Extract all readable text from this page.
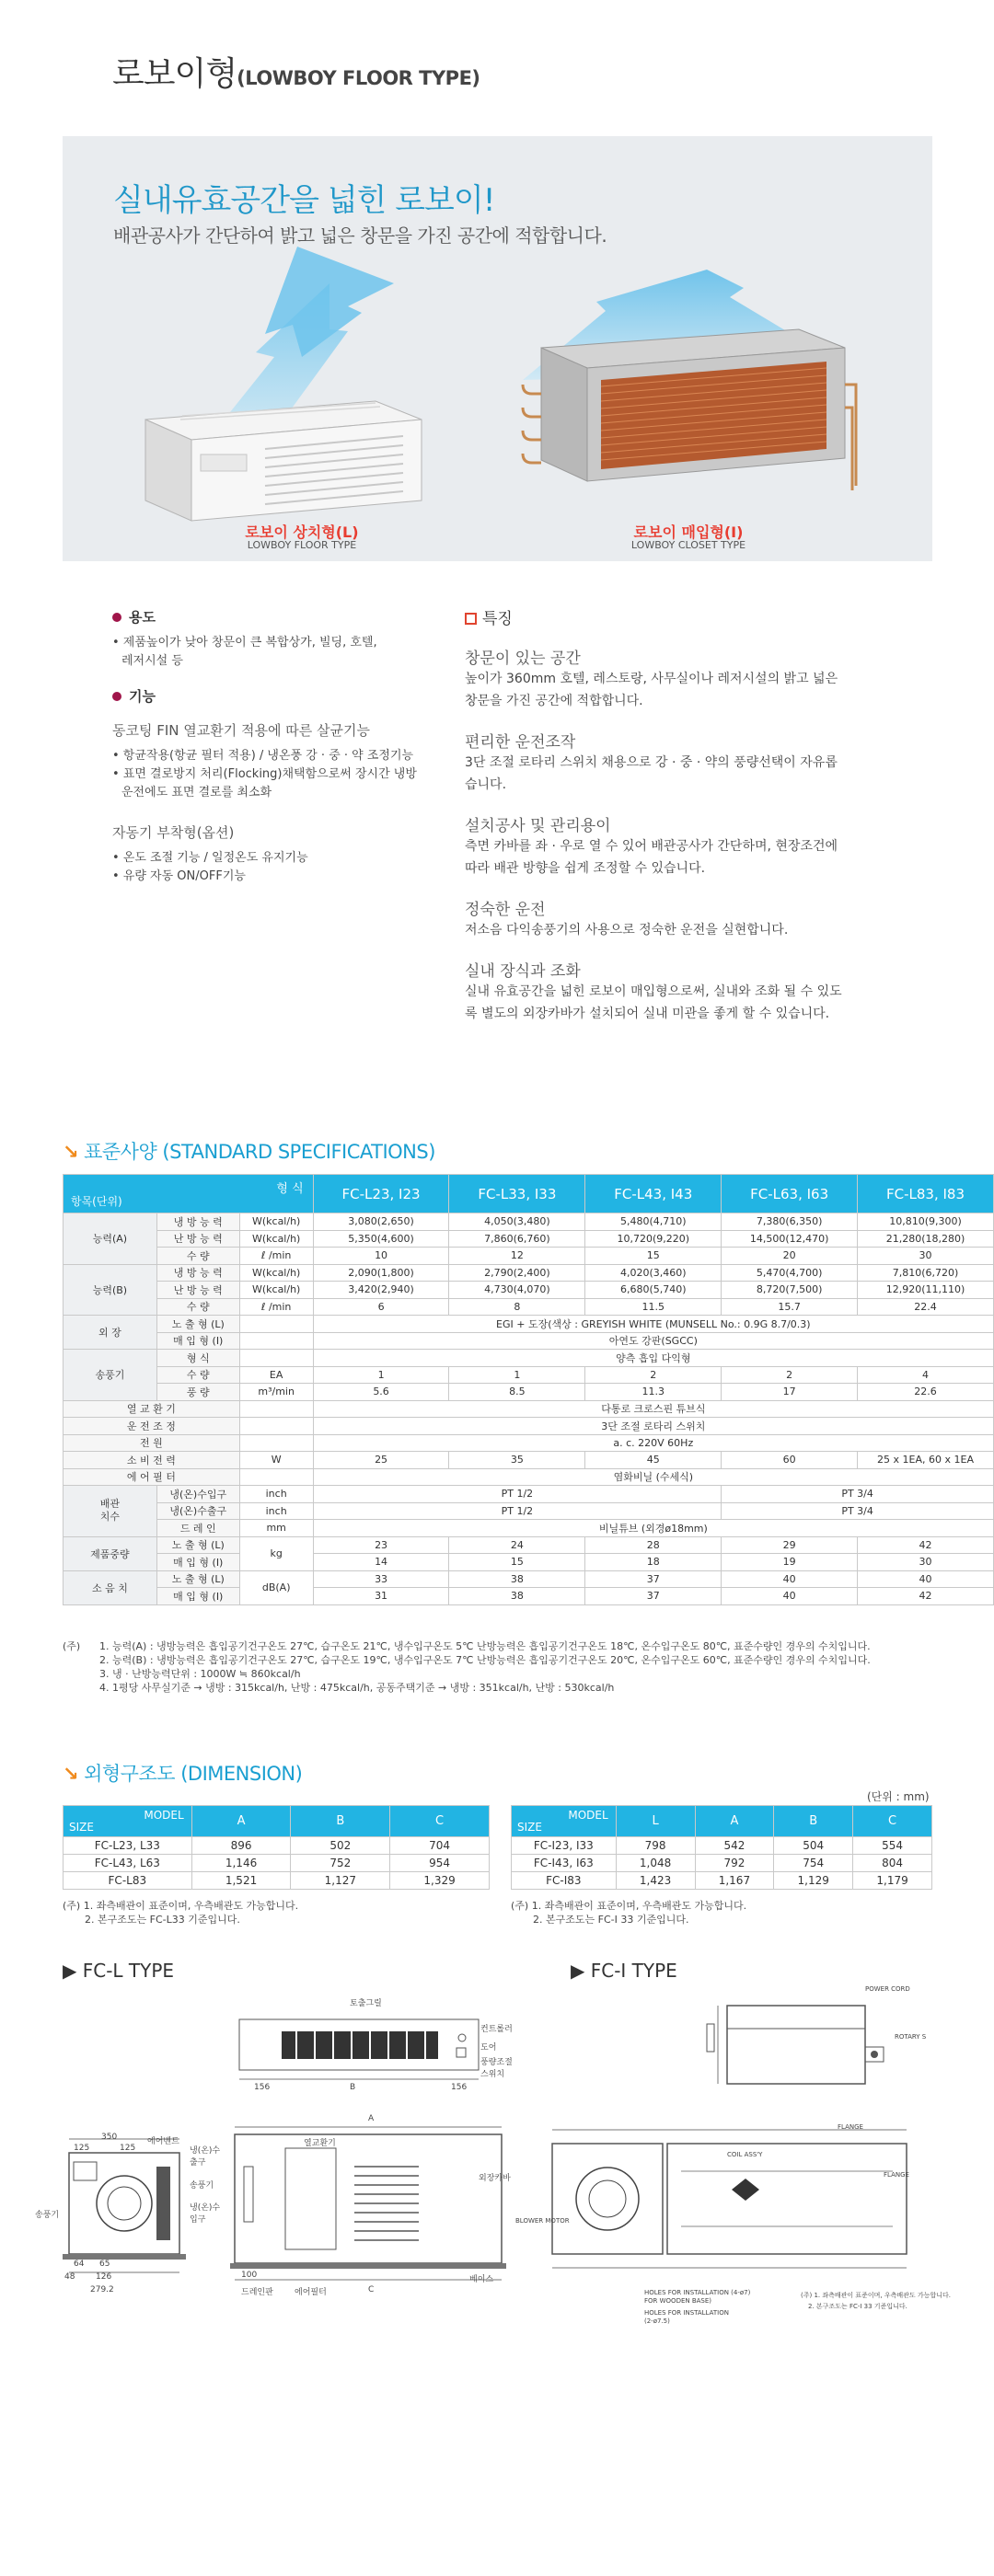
로보이형(LOWBOY FLOOR TYPE)
실내유효공간을 넓힌 로보이!
배관공사가 간단하여 밝고 넓은 창문을 가진 공간에 적합합니다.
로보이 상치형(L)
LOWBOY FLOOR TYPE
로보이 매입형(I)
LOWBOY CLOSET TYPE
용도
• 제품높이가 낮아 창문이 큰 복합상가, 빌딩, 호텔,
레저시설 등
기능
동코팅 FIN 열교환기 적용에 따른 살균기능
• 항균작용(항균 필터 적용) / 냉온풍 강 · 중 · 약 조정기능
• 표면 결로방지 처리(Flocking)채택함으로써 장시간 냉방
운전에도 표면 결로를 최소화
자동기 부착형(옵션)
• 온도 조절 기능 / 일정온도 유지기능
• 유량 자동 ON/OFF기능
특징
창문이 있는 공간
높이가 360mm 호텔, 레스토랑, 사무실이나 레저시설의 밝고 넓은
창문을 가진 공간에 적합합니다.
편리한 운전조작
3단 조절 로타리 스위치 채용으로 강 · 중 · 약의 풍량선택이 자유롭
습니다.
설치공사 및 관리용이
측면 카바를 좌 · 우로 열 수 있어 배관공사가 간단하며, 현장조건에
따라 배관 방향을 쉽게 조정할 수 있습니다.
정숙한 운전
저소음 다익송풍기의 사용으로 정숙한 운전을 실현합니다.
실내 장식과 조화
실내 유효공간을 넓힌 로보이 매입형으로써, 실내와 조화 될 수 있도
록 별도의 외장카바가 설치되어 실내 미관을 좋게 할 수 있습니다.
↘ 표준사양 (STANDARD SPECIFICATIONS)
형 식
항목(단위)			FC-L23, I23	FC-L33, I33	FC-L43, I43	FC-L63, I63	FC-L83, I83
능력(A)	냉 방 능 력	W(kcal/h)	3,080(2,650)	4,050(3,480)	5,480(4,710)	7,380(6,350)	10,810(9,300)
	난 방 능 력	W(kcal/h)	5,350(4,600)	7,860(6,760)	10,720(9,220)	14,500(12,470)	21,280(18,280)
	수 량	ℓ /min	10	12	15	20	30
능력(B)	냉 방 능 력	W(kcal/h)	2,090(1,800)	2,790(2,400)	4,020(3,460)	5,470(4,700)	7,810(6,720)
	난 방 능 력	W(kcal/h)	3,420(2,940)	4,730(4,070)	6,680(5,740)	8,720(7,500)	12,920(11,110)
	수 량	ℓ /min	6	8	11.5	15.7	22.4
외 장	노 출 형 (L)		EGI + 도장(색상 : GREYISH WHITE (MUNSELL No.: 0.9G 8.7/0.3)				
	매 입 형 (I)		아연도 강판(SGCC)				
송풍기	형 식		양측 흡입 다익형				
	수 량	EA	1	1	2	2	4
	풍 량	m³/min	5.6	8.5	11.3	17	22.6
열 교 환 기			다통로 크로스핀 튜브식				
운 전 조 정			3단 조절 로타리 스위치				
전 원			a. c. 220V 60Hz				
소 비 전 력		W	25	35	45	60	25 x 1EA, 60 x 1EA
에 어 필 터			염화비닐 (수세식)				
배관
치수	냉(온)수입구	inch	PT 1/2			PT 3/4	
	냉(온)수출구	inch	PT 1/2			PT 3/4	
	드 레 인	mm	비닐튜브 (외경ø18mm)				
제품중량	노 출 형 (L)	kg	23	24	28	29	42
	매 입 형 (I)		14	15	18	19	30
소 음 치	노 출 형 (L)	dB(A)	33	38	37	40	40
	매 입 형 (I)		31	38	37	40	42
(주)	1. 능력(A) : 냉방능력은 흡입공기건구온도 27℃, 습구온도 21℃, 냉수입구온도 5℃ 난방능력은 흡입공기건구온도 18℃, 온수입구온도 80℃, 표준수량인 경우의 수치입니다.
2. 능력(B) : 냉방능력은 흡입공기건구온도 27℃, 습구온도 19℃, 냉수입구온도 7℃ 난방능력은 흡입공기건구온도 20℃, 온수입구온도 60℃, 표준수량인 경우의 수치입니다.
3. 냉 · 난방능력단위 : 1000W ≒ 860kcal/h
4. 1평당 사무실기준 → 냉방 : 315kcal/h, 난방 : 475kcal/h, 공동주택기준 → 냉방 : 351kcal/h, 난방 : 530kcal/h
↘ 외형구조도 (DIMENSION)
(단위 : mm)
MODEL
SIZE	A	B	C
FC-L23, L33	896	502	704
FC-L43, L63	1,146	752	954
FC-L83	1,521	1,127	1,329
(주) 1. 좌측배관이 표준이며, 우측배관도 가능합니다.
2. 본구조도는 FC-L33 기준입니다.
MODEL
SIZE	L	A	B	C
FC-I23, I33	798	542	504	554
FC-I43, I63	1,048	792	754	804
FC-I83	1,423	1,167	1,129	1,179
(주) 1. 좌측배관이 표준이며, 우측배관도 가능합니다.
2. 본구조도는 FC-I 33 기준입니다.
▶ FC-L TYPE	▶ FC-I TYPE
토출그릴
컨트롤러
도어
풍량조절
스위치
156	B	156
350
125	125
에어벤트
송풍기
64 65
48	126
279.2
A
냉(온)수
출구
송풍기
냉(온)수
입구
열교환기
외장카바
100
드레인판	에어필터	C
베이스
POWER CORD
ROTARY S
FLANGE
COIL ASS'Y
FLANGE
BLOWER MOTOR
HOLES FOR INSTALLATION (4-ø7)
FOR WOODEN BASE)
HOLES FOR INSTALLATION
(2-ø7.5)
(주) 1. 좌측배관이 표준이며, 우측배관도 가능합니다.
2. 본구조도는 FC-I 33 기준입니다.
